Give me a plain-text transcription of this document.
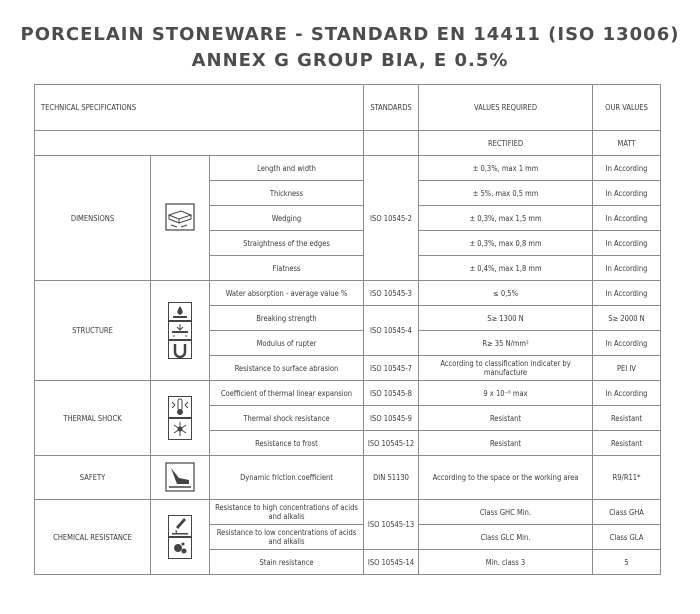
PORCELAIN STONEWARE - STANDARD EN 14411 (ISO 13006)
ANNEX G GROUP BIA, E 0.5%
TECHNICAL SPECIFICATIONS			STANDARDS	VALUES REQUIRED	OUR VALUES
				RECTIFIED	MATT
DIMENSIONS		Length and width	ISO 10545-2	± 0,3%, max 1 mm	In According
		Thickness		± 5%, max 0,5 mm	In According
		Wedging		± 0,3%, max 1,5 mm	In According
		Straightness of the edges		± 0,3%, max 0,8 mm	In According
		Flatness		± 0,4%, max 1,8 mm	In According
STRUCTURE		Water absorption - average value %	ISO 10545-3	≤ 0,5%	In According
		Breaking strength	ISO 10545-4	S≥ 1300 N	S≥ 2000 N
		Modulus of rupter		R≥ 35 N/mm²	In According
		Resistance to surface abrasion	ISO 10545-7	According to classification indicater by manufacture	PEI IV
THERMAL SHOCK		Coefficient of thermal linear expansion	ISO 10545-8	9 x 10⁻⁶ max	In According
		Thermal shock resistance	ISO 10545-9	Resistant	Resistant
		Resistance to frost	ISO 10545-12	Resistant	Resistant
SAFETY		Dynamic friction coefficient	DIN 51130	According to the space or the working area	R9/R11*
CHEMICAL RESISTANCE		Resistance to high concentrations of acids and alkalis	ISO 10545-13	Class GHC Min.	Class GHA
		Resistance to low concentrations of acids and alkalis		Class GLC Min.	Class GLA
		Stain resistance	ISO 10545-14	Min. class 3	5
